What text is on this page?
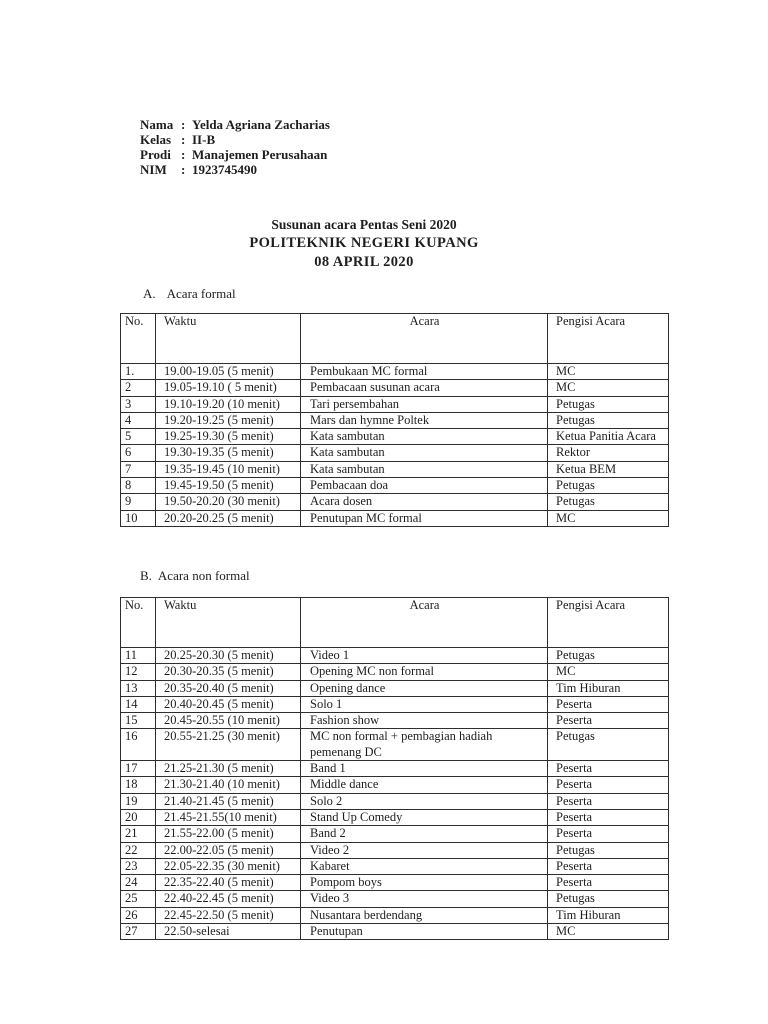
Nama : Yelda Agriana Zacharias
Kelas : II-B
Prodi : Manajemen Perusahaan
NIM : 1923745490
Susunan acara Pentas Seni 2020
POLITEKNIK NEGERI KUPANG
08 APRIL 2020
A. Acara formal
No.	Waktu	Acara	Pengisi Acara
1.	19.00-19.05 (5 menit)	Pembukaan MC formal	MC
2	19.05-19.10 ( 5 menit)	Pembacaan susunan acara	MC
3	19.10-19.20 (10 menit)	Tari persembahan	Petugas
4	19.20-19.25 (5 menit)	Mars dan hymne Poltek	Petugas
5	19.25-19.30 (5 menit)	Kata sambutan	Ketua Panitia Acara
6	19.30-19.35 (5 menit)	Kata sambutan	Rektor
7	19.35-19.45 (10 menit)	Kata sambutan	Ketua BEM
8	19.45-19.50 (5 menit)	Pembacaan doa	Petugas
9	19.50-20.20 (30 menit)	Acara dosen	Petugas
10	20.20-20.25 (5 menit)	Penutupan MC formal	MC
B. Acara non formal
No.	Waktu	Acara	Pengisi Acara
11	20.25-20.30 (5 menit)	Video 1	Petugas
12	20.30-20.35 (5 menit)	Opening MC non formal	MC
13	20.35-20.40 (5 menit)	Opening dance	Tim Hiburan
14	20.40-20.45 (5 menit)	Solo 1	Peserta
15	20.45-20.55 (10 menit)	Fashion show	Peserta
16	20.55-21.25 (30 menit)	MC non formal + pembagian hadiah pemenang DC	Petugas
17	21.25-21.30 (5 menit)	Band 1	Peserta
18	21.30-21.40 (10 menit)	Middle dance	Peserta
19	21.40-21.45 (5 menit)	Solo 2	Peserta
20	21.45-21.55(10 menit)	Stand Up Comedy	Peserta
21	21.55-22.00 (5 menit)	Band 2	Peserta
22	22.00-22.05 (5 menit)	Video 2	Petugas
23	22.05-22.35 (30 menit)	Kabaret	Peserta
24	22.35-22.40 (5 menit)	Pompom boys	Peserta
25	22.40-22.45 (5 menit)	Video 3	Petugas
26	22.45-22.50 (5 menit)	Nusantara berdendang	Tim Hiburan
27	22.50-selesai	Penutupan	MC
